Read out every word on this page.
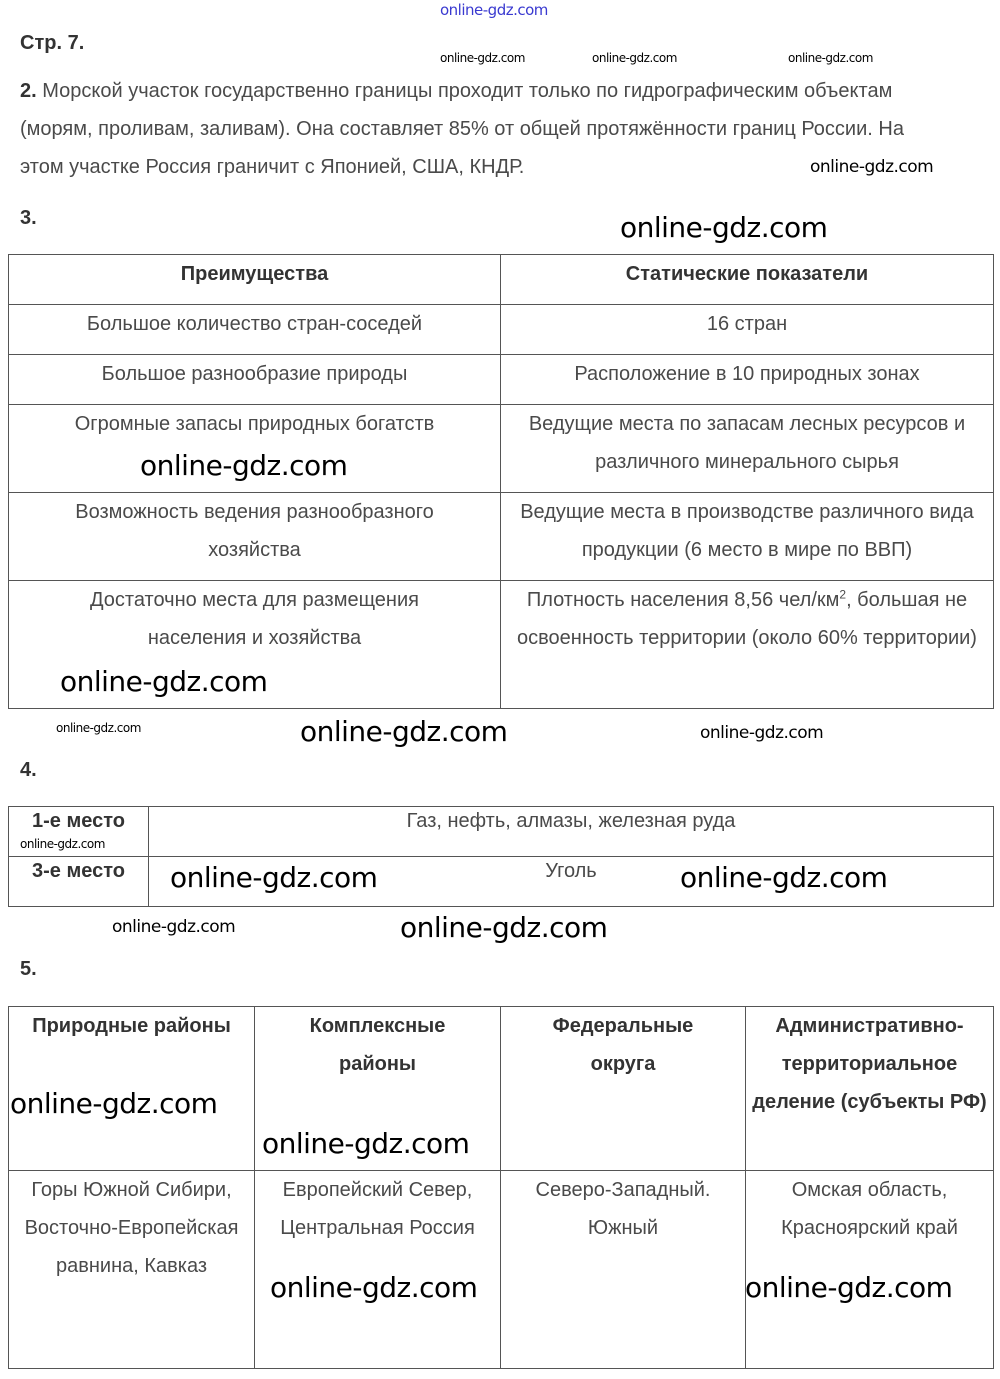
online-gdz.com
Стр. 7.
2. Морской участок государственно границы проходит только по гидрографическим объектам (морям, проливам, заливам). Она составляет 85% от общей протяжённости границ России. На этом участке Россия граничит с Японией, США, КНДР.
3.
Преимущества	Статические показатели
Большое количество стран-соседей	16 стран
Большое разнообразие природы	Расположение в 10 природных зонах
Огромные запасы природных богатств	Ведущие места по запасам лесных ресурсов и различного минерального сырья
Возможность ведения разнообразного хозяйства	Ведущие места в производстве различного вида продукции (6 место в мире по ВВП)
Достаточно места для размещения населения и хозяйства	Плотность населения 8,56 чел/$км^2$, большая не освоенность территории (около 60% территории)
4.
1-е место	Газ, нефть, алмазы, железная руда
3-е место	Уголь
5.
Природные районы	Комплексные районы	Федеральные округа	Административно-территориальное деление (субъекты РФ)
Горы Южной Сибири, Восточно-Европейская равнина, Кавказ	Европейский Север, Центральная Россия	Северо-Западный. Южный	Омская область, Красноярский край
online-gdz.com	online-gdz.com	online-gdz.com
online-gdz.com
online-gdz.com
online-gdz.com
online-gdz.com
online-gdz.com
online-gdz.com	online-gdz.com
online-gdz.com	online-gdz.com
online-gdz.com
online-gdz.com	online-gdz.com
online-gdz.com
online-gdz.com
online-gdz.com	online-gdz.com
